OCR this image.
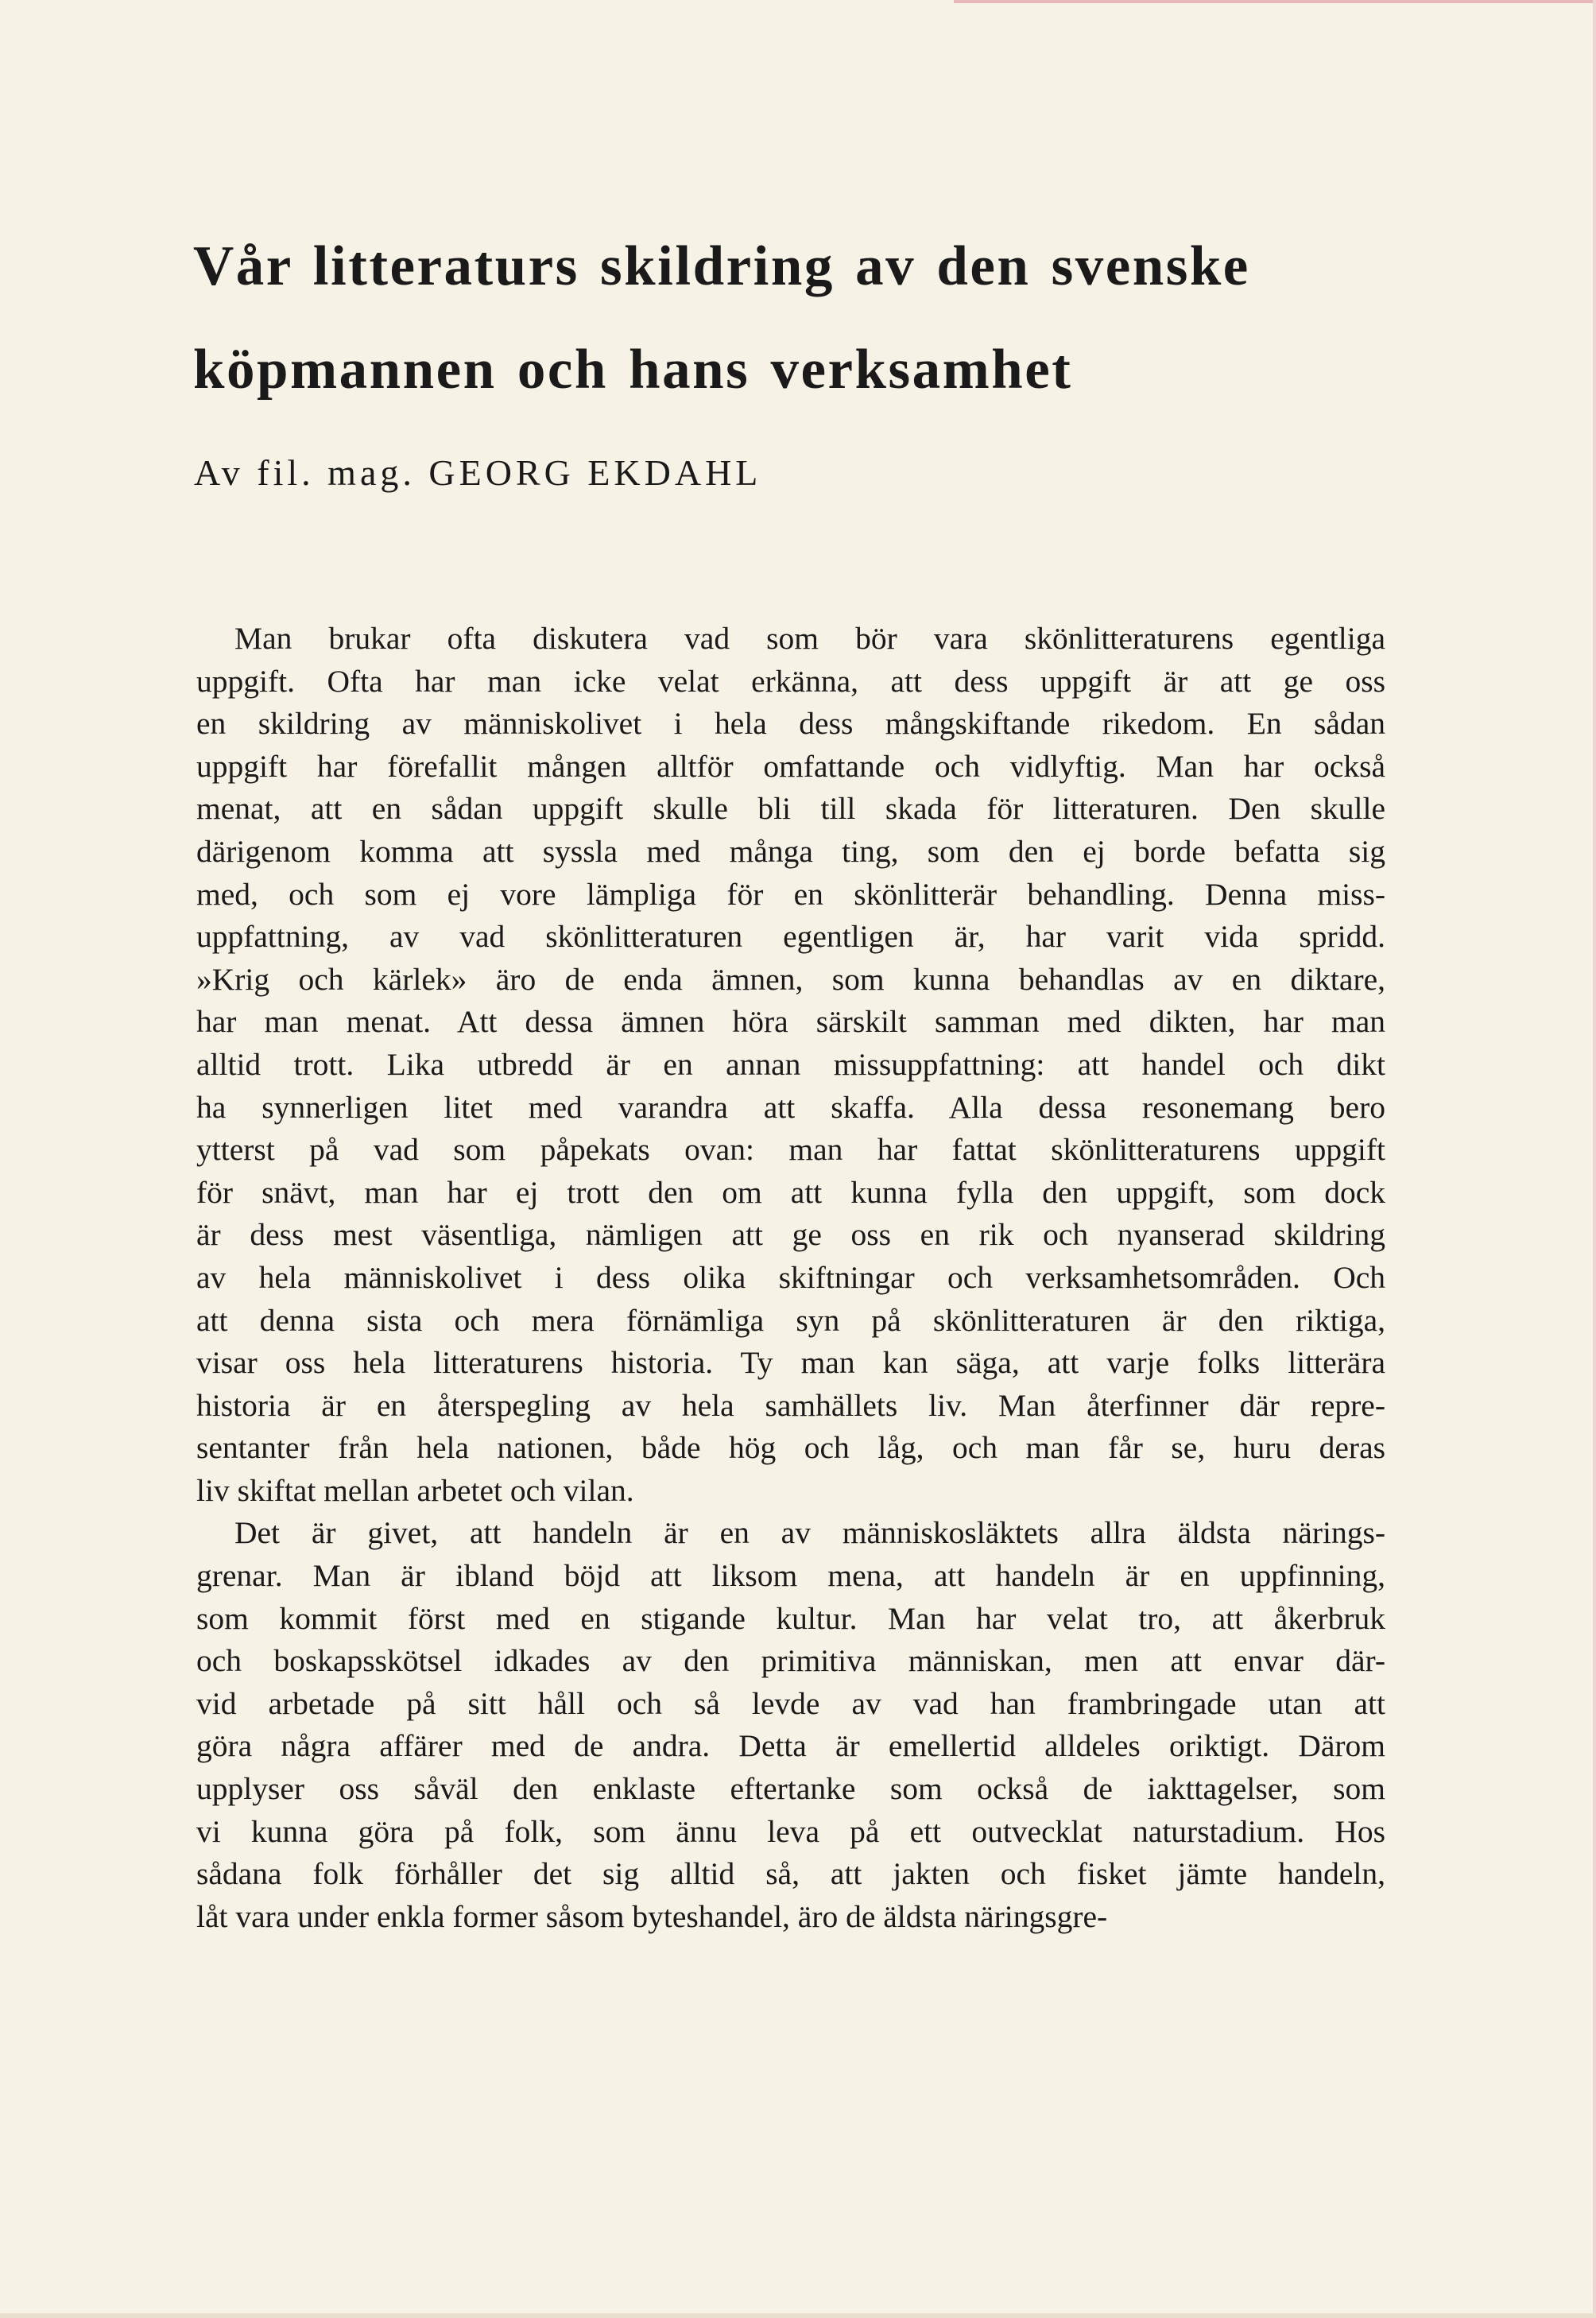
Vår litteraturs skildring av den svenske
köpmannen och hans verksamhet

Av fil. mag. GEORG EKDAHL

Man brukar ofta diskutera vad som bör vara skönlitteraturens egentliga
uppgift. Ofta har man icke velat erkänna, att dess uppgift är att ge oss
en skildring av människolivet i hela dess mångskiftande rikedom. En sådan
uppgift har förefallit mången alltför omfattande och vidlyftig. Man har också
menat, att en sådan uppgift skulle bli till skada för litteraturen. Den skulle
därigenom komma att syssla med många ting, som den ej borde befatta sig
med, och som ej vore lämpliga för en skönlitterär behandling. Denna miss-
uppfattning, av vad skönlitteraturen egentligen är, har varit vida spridd.
»Krig och kärlek» äro de enda ämnen, som kunna behandlas av en diktare,
har man menat. Att dessa ämnen höra särskilt samman med dikten, har man
alltid trott. Lika utbredd är en annan missuppfattning: att handel och dikt
ha synnerligen litet med varandra att skaffa. Alla dessa resonemang bero
ytterst på vad som påpekats ovan: man har fattat skönlitteraturens uppgift
för snävt, man har ej trott den om att kunna fylla den uppgift, som dock
är dess mest väsentliga, nämligen att ge oss en rik och nyanserad skildring
av hela människolivet i dess olika skiftningar och verksamhetsområden. Och
att denna sista och mera förnämliga syn på skönlitteraturen är den riktiga,
visar oss hela litteraturens historia. Ty man kan säga, att varje folks litterära
historia är en återspegling av hela samhällets liv. Man återfinner där repre-
sentanter från hela nationen, både hög och låg, och man får se, huru deras
liv skiftat mellan arbetet och vilan.
Det är givet, att handeln är en av människosläktets allra äldsta närings-
grenar. Man är ibland böjd att liksom mena, att handeln är en uppfinning,
som kommit först med en stigande kultur. Man har velat tro, att åkerbruk
och boskapsskötsel idkades av den primitiva människan, men att envar där-
vid arbetade på sitt håll och så levde av vad han frambringade utan att
göra några affärer med de andra. Detta är emellertid alldeles oriktigt. Därom
upplyser oss såväl den enklaste eftertanke som också de iakttagelser, som
vi kunna göra på folk, som ännu leva på ett outvecklat naturstadium. Hos
sådana folk förhåller det sig alltid så, att jakten och fisket jämte handeln,
låt vara under enkla former såsom byteshandel, äro de äldsta näringsgre-
